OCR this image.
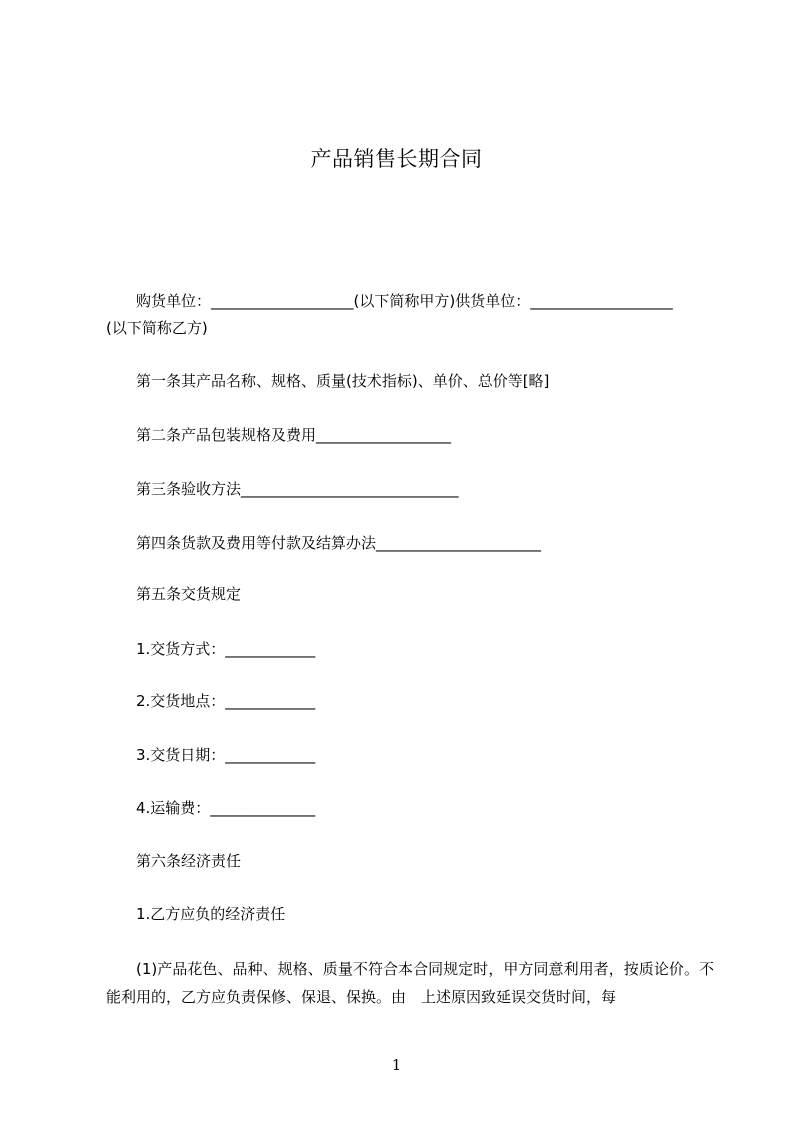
产品销售长期合同

购货单位：___________________(以下简称甲方)供货单位：___________________

(以下简称乙方)

第一条其产品名称、规格、质量(技术指标)、单价、总价等[略]

第二条产品包装规格及费用__________________

第三条验收方法_____________________________

第四条货款及费用等付款及结算办法______________________

第五条交货规定

1.交货方式：____________

2.交货地点：____________

3.交货日期：____________

4.运输费：______________

第六条经济责任

1.乙方应负的经济责任

(1)产品花色、品种、规格、质量不符合本合同规定时，甲方同意利用者，按质论价。不能利用的，乙方应负责保修、保退、保换。由　上述原因致延误交货时间，每

1
